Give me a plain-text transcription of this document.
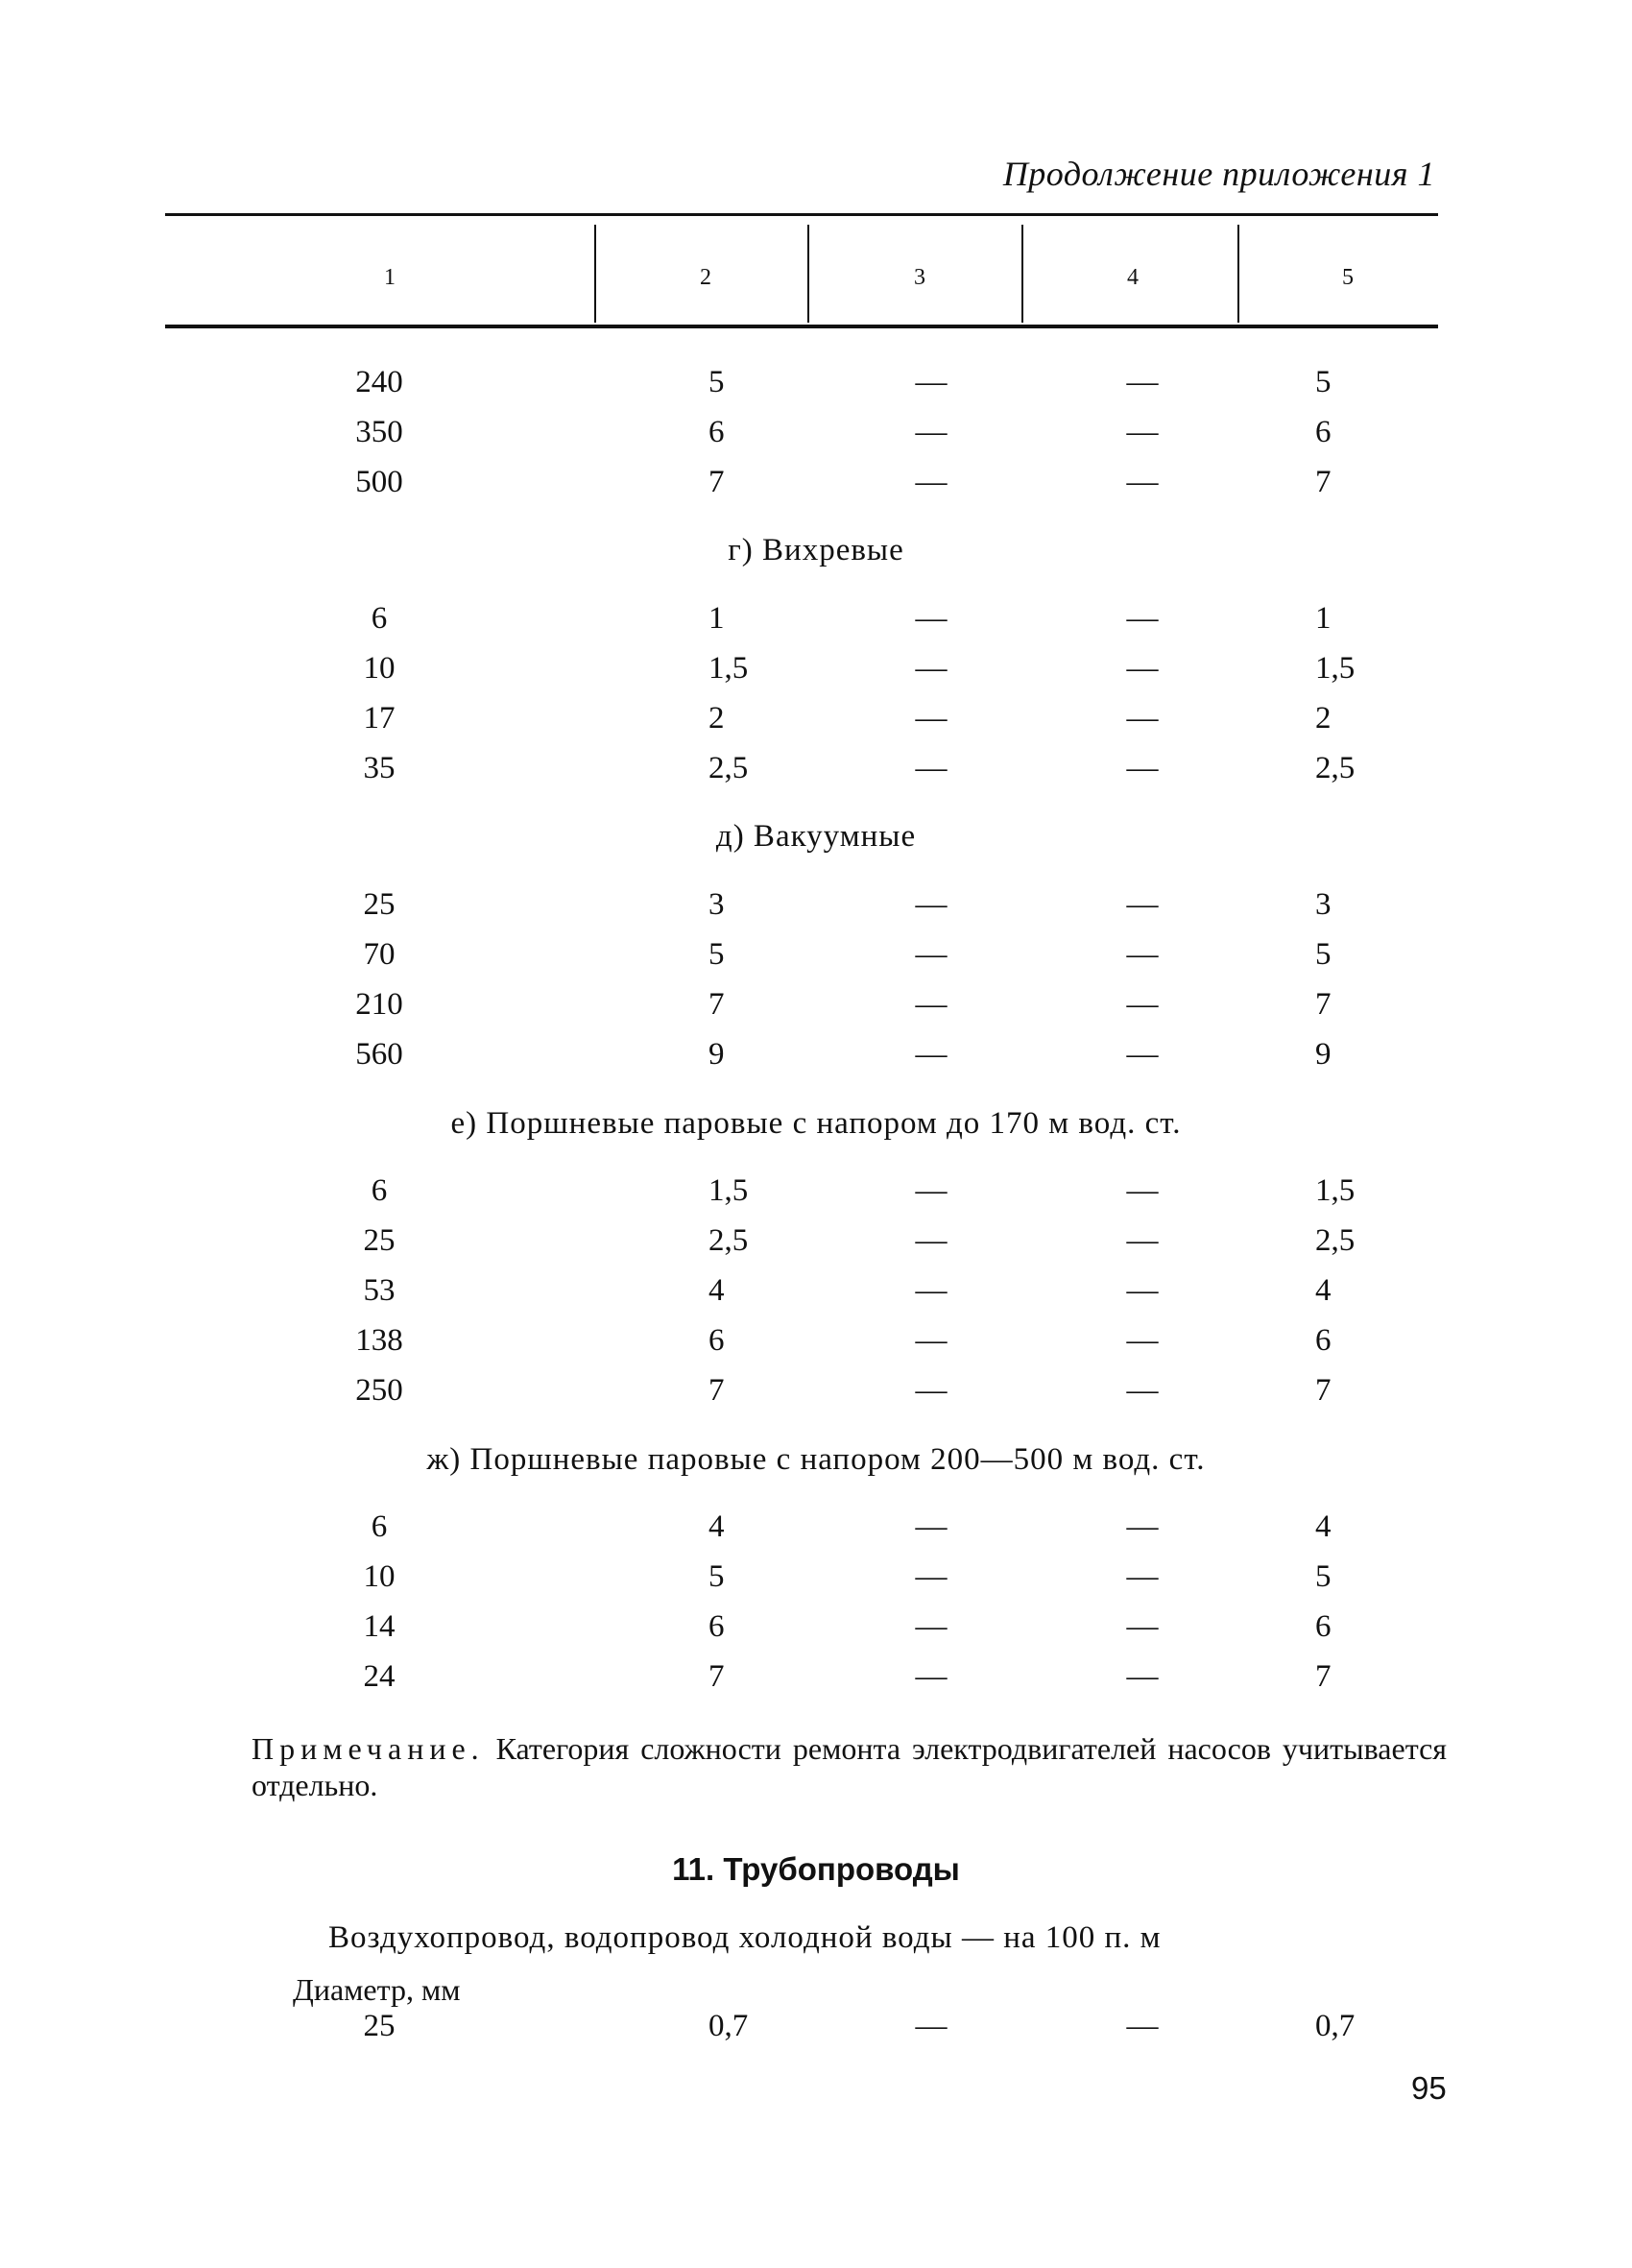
Продолжение приложения 1
1	2	3	4	5
240	5	—	—	5
350	6	—	—	6
500	7	—	—	7
г) Вихревые
6	1	—	—	1
10	1,5	—	—	1,5
17	2	—	—	2
35	2,5	—	—	2,5
д) Вакуумные
25	3	—	—	3
70	5	—	—	5
210	7	—	—	7
560	9	—	—	9
е) Поршневые паровые с напором до 170 м вод. ст.
6	1,5	—	—	1,5
25	2,5	—	—	2,5
53	4	—	—	4
138	6	—	—	6
250	7	—	—	7
ж) Поршневые паровые с напором 200—500 м вод. ст.
6	4	—	—	4
10	5	—	—	5
14	6	—	—	6
24	7	—	—	7
Примечание. Категория сложности ремонта электродвигателей насосов учитывается отдельно.
11. Трубопроводы
Воздухопровод, водопровод холодной воды — на 100 п. м
Диаметр, мм
25	0,7	—	—	0,7
95
